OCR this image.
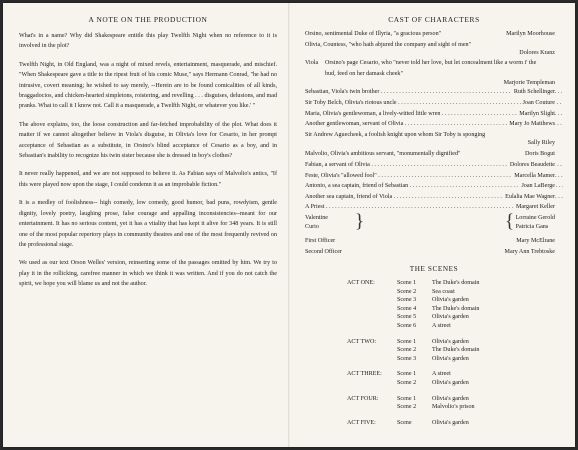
A NOTE ON THE PRODUCTION

What's in a name? Why did Shakespeare entitle this play Twelfth Night when no reference to it is involved in the plot?

Twelfth Night, in Old England, was a night of mixed revels, entertainment, masquerade, and mischief. "When Shakespeare gave a title to the ripest fruit of his comic Muse," says Hermann Conrad, "he had no intrusive, covert meaning; he wished to say merely, --Herein are to be found comicalities of all kinds, braggadocios, and chicken-hearted simpletons, roistering, and revelling . . . disguises, delusions, and mad pranks. What to call it I know not. Call it a masquerade, a Twelfth Night, or whatever you like.' "

The above explains, too, the loose construction and far-fetched improbability of the plot. What does it matter if we cannot altogether believe in Viola's disguise, in Olivia's love for Cesario, in her prompt acceptance of Sebastian as a substitute, in Orsino's blind acceptance of Cesario as a boy, and in Sebastian's inability to recognize his twin sister because she is dressed in boy's clothes?

It never really happened, and we are not supposed to believe it. As Fabian says of Malvolio's antics, "If this were played now upon the stage, I could condemn it as an improbable fiction."

It is a medley of foolishness-- high comedy, low comedy, good humor, bad puns, rowdyism, gentle dignity, lovely poetry, laughing prose, false courage and appalling inconsistencies--meant for our entertainment. It has no serious content, yet it has a vitality that has kept it alive for 348 years. It is still one of the most popular repertory plays in community theatres and one of the most frequently revived on the professional stage.

We used as our text Orson Welles' version, reinserting some of the passages omitted by him. We try to play it in the rollicking, carefree manner in which we think it was written. And if you do not catch the spirit, we hope you will blame us and not the author.

CAST OF CHARACTERS
Orsino, sentimental Duke of Illyria, "a gracious person"	Marilyn Moorhouse
Olivia, Countess, "who hath abjured the company and sight of men"
Dolores Kranz
Viola Orsino's page Cesario, who "never told her love, but let concealment like a worm i' the bud, feed on her damask cheek"
Marjorie Templeman
Sebastian, Viola's twin brother . . .	Ruth Schellinger
Sir Toby Belch, Olivia's riotous uncle . . .	Joan Couture
Maria, Olivia's gentlewoman, a lively-witted little wren . . .	Marilyn Slight
Another gentlewoman, servant of Olivia . . .	Mary Jo Matthews
Sir Andrew Aguecheek, a foolish knight upon whom Sir Toby is sponging
Sally Riley
Malvolio, Olivia's ambitious servant, "monumentally dignified"	Doris Bogut
Fabian, a servant of Olivia . . .	Dolores Beaudette
Feste, Olivia's "allowed fool" . . .	Marcella Mamer
Antonio, a sea captain, friend of Sebastian . . .	Joan LaBerge
Another sea captain, friend of Viola . . .	Eulalia Mae Wagner
A Priest . . .	Margaret Keller
Valentine
Curio	}	{ Lorraine Gerold
Patricia Gans
First Officer	Mary McElrane
Second Officer	Mary Ann Trebtoske
THE SCENES
ACT ONE:	Scene 1	The Duke's domain
Scene 2	Sea coast
Scene 3	Olivia's garden
Scene 4	The Duke's domain
Scene 5	Olivia's garden
Scene 6	A street
ACT TWO:	Scene 1	Olivia's garden
Scene 2	The Duke's domain
Scene 3	Olivia's garden
ACT THREE:	Scene 1	A street
Scene 2	Olivia's garden
ACT FOUR:	Scene 1	Olivia's garden
Scene 2	Malvolio's prison
ACT FIVE:	Scene	Olivia's garden
